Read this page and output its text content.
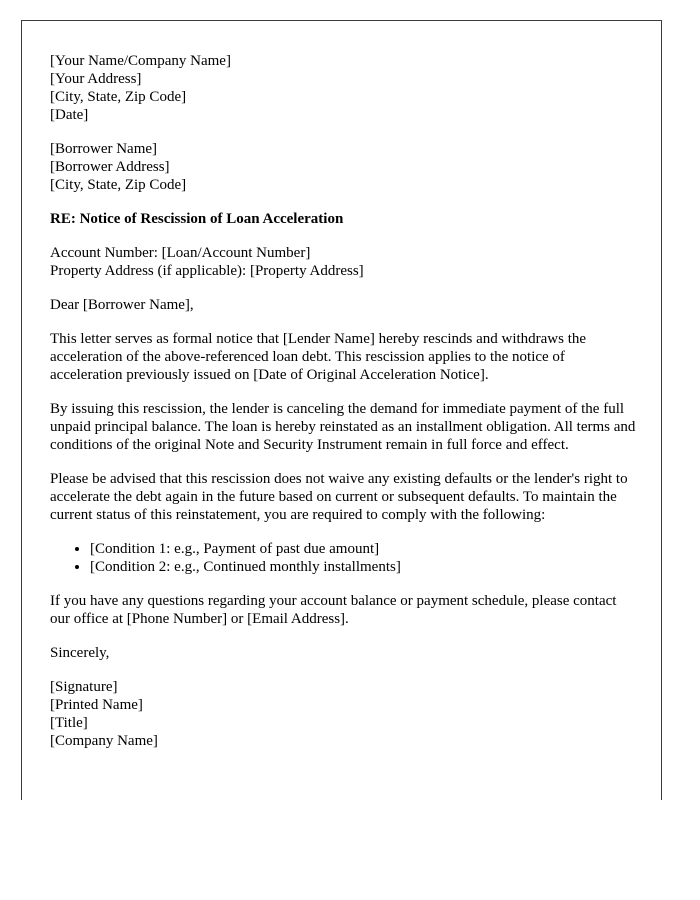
[Your Name/Company Name]
[Your Address]
[City, State, Zip Code]
[Date]
[Borrower Name]
[Borrower Address]
[City, State, Zip Code]
RE: Notice of Rescission of Loan Acceleration
Account Number: [Loan/Account Number]
Property Address (if applicable): [Property Address]
Dear [Borrower Name],

This letter serves as formal notice that [Lender Name] hereby rescinds and withdraws the acceleration of the above-referenced loan debt. This rescission applies to the notice of acceleration previously issued on [Date of Original Acceleration Notice].

By issuing this rescission, the lender is canceling the demand for immediate payment of the full unpaid principal balance. The loan is hereby reinstated as an installment obligation. All terms and conditions of the original Note and Security Instrument remain in full force and effect.

Please be advised that this rescission does not waive any existing defaults or the lender's right to accelerate the debt again in the future based on current or subsequent defaults. To maintain the current status of this reinstatement, you are required to comply with the following:

• [Condition 1: e.g., Payment of past due amount]
• [Condition 2: e.g., Continued monthly installments]

If you have any questions regarding your account balance or payment schedule, please contact our office at [Phone Number] or [Email Address].

Sincerely,
[Signature]
[Printed Name]
[Title]
[Company Name]
